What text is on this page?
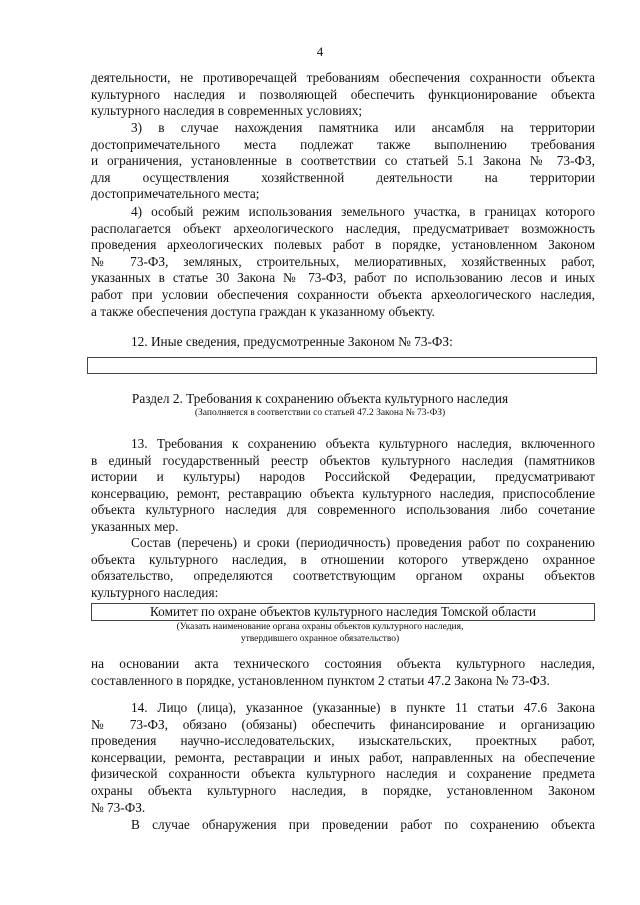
4
деятельности, не противоречащей требованиям обеспечения сохранности объекта
культурного наследия и позволяющей обеспечить функционирование объекта
культурного наследия в современных условиях;
3) в случае нахождения памятника или ансамбля на территории
достопримечательного места подлежат также выполнению требования
и ограничения, установленные в соответствии со статьей 5.1 Закона № 73-ФЗ,
для осуществления хозяйственной деятельности на территории
достопримечательного места;
4) особый режим использования земельного участка, в границах которого
располагается объект археологического наследия, предусматривает возможность
проведения археологических полевых работ в порядке, установленном Законом
№ 73-ФЗ, земляных, строительных, мелиоративных, хозяйственных работ,
указанных в статье 30 Закона № 73-ФЗ, работ по использованию лесов и иных
работ при условии обеспечения сохранности объекта археологического наследия,
а также обеспечения доступа граждан к указанному объекту.
12. Иные сведения, предусмотренные Законом № 73-ФЗ:
Раздел 2. Требования к сохранению объекта культурного наследия
(Заполняется в соответствии со статьей 47.2 Закона № 73-ФЗ)
13. Требования к сохранению объекта культурного наследия, включенного
в единый государственный реестр объектов культурного наследия (памятников
истории и культуры) народов Российской Федерации, предусматривают
консервацию, ремонт, реставрацию объекта культурного наследия, приспособление
объекта культурного наследия для современного использования либо сочетание
указанных мер.
Состав (перечень) и сроки (периодичность) проведения работ по сохранению
объекта культурного наследия, в отношении которого утверждено охранное
обязательство, определяются соответствующим органом охраны объектов
культурного наследия:
Комитет по охране объектов культурного наследия Томской области
(Указать наименование органа охраны объектов культурного наследия,
утвердившего охранное обязательство)
на основании акта технического состояния объекта культурного наследия,
составленного в порядке, установленном пунктом 2 статьи 47.2 Закона № 73-ФЗ.
14. Лицо (лица), указанное (указанные) в пункте 11 статьи 47.6 Закона
№ 73-ФЗ, обязано (обязаны) обеспечить финансирование и организацию
проведения научно-исследовательских, изыскательских, проектных работ,
консервации, ремонта, реставрации и иных работ, направленных на обеспечение
физической сохранности объекта культурного наследия и сохранение предмета
охраны объекта культурного наследия, в порядке, установленном Законом
№ 73-ФЗ.
В случае обнаружения при проведении работ по сохранению объекта
